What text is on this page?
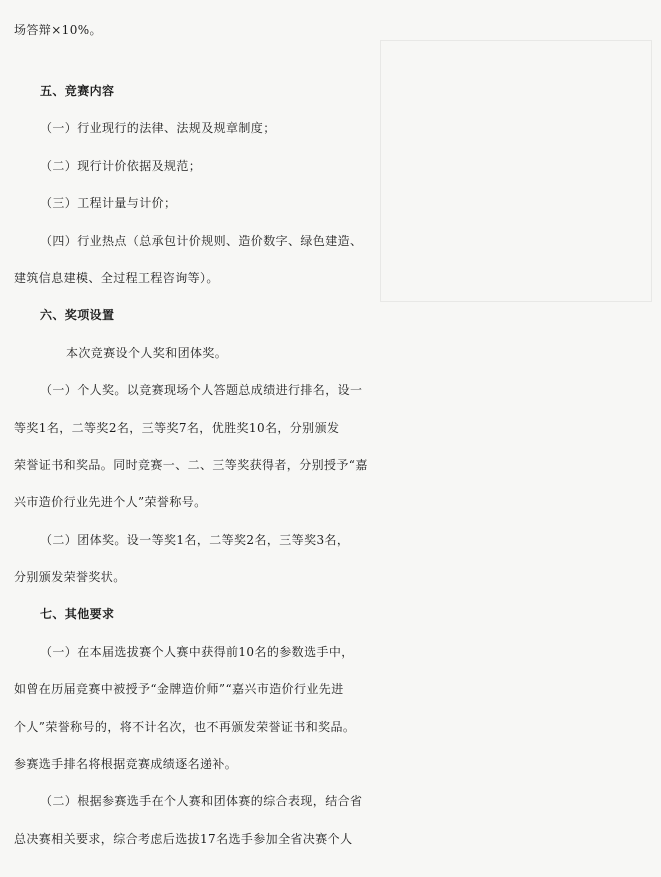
场答辩×10%。
五、竞赛内容
（一）行业现行的法律、法规及规章制度；
（二）现行计价依据及规范；
（三）工程计量与计价；
（四）行业热点（总承包计价规则、造价数字、绿色建造、
建筑信息建模、全过程工程咨询等）。
六、奖项设置
本次竞赛设个人奖和团体奖。
（一）个人奖。以竞赛现场个人答题总成绩进行排名，设一
等奖1名，二等奖2名，三等奖7名，优胜奖10名，分别颁发
荣誉证书和奖品。同时竞赛一、二、三等奖获得者，分别授予“嘉
兴市造价行业先进个人”荣誉称号。
（二）团体奖。设一等奖1名，二等奖2名，三等奖3名，
分别颁发荣誉奖状。
七、其他要求
（一）在本届选拔赛个人赛中获得前10名的参数选手中，
如曾在历届竞赛中被授予“金牌造价师”“嘉兴市造价行业先进
个人”荣誉称号的，将不计名次，也不再颁发荣誉证书和奖品。
参赛选手排名将根据竞赛成绩逐名递补。
（二）根据参赛选手在个人赛和团体赛的综合表现，结合省
总决赛相关要求，综合考虑后选拔17名选手参加全省决赛个人
